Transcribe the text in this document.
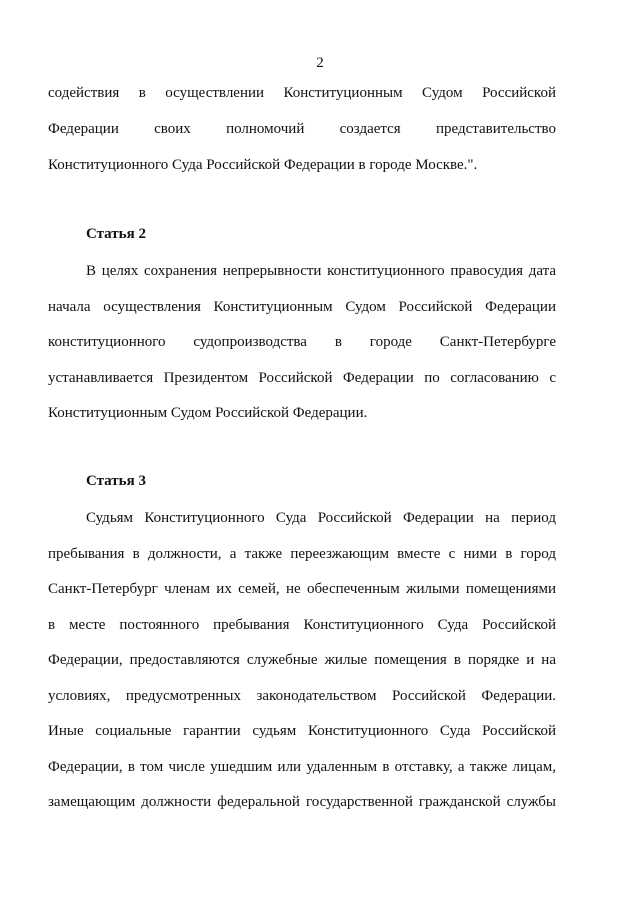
2
содействия в осуществлении Конституционным Судом Российской
Федерации своих полномочий создается представительство
Конституционного Суда Российской Федерации в городе Москве.".
Статья 2
В целях сохранения непрерывности конституционного правосудия дата
начала осуществления Конституционным Судом Российской Федерации
конституционного судопроизводства в городе Санкт-Петербурге
устанавливается Президентом Российской Федерации по согласованию с
Конституционным Судом Российской Федерации.
Статья 3
Судьям Конституционного Суда Российской Федерации на период
пребывания в должности, а также переезжающим вместе с ними в город
Санкт-Петербург членам их семей, не обеспеченным жилыми помещениями
в месте постоянного пребывания Конституционного Суда Российской
Федерации, предоставляются служебные жилые помещения в порядке и на
условиях, предусмотренных законодательством Российской Федерации.
Иные социальные гарантии судьям Конституционного Суда Российской
Федерации, в том числе ушедшим или удаленным в отставку, а также лицам,
замещающим должности федеральной государственной гражданской службы
